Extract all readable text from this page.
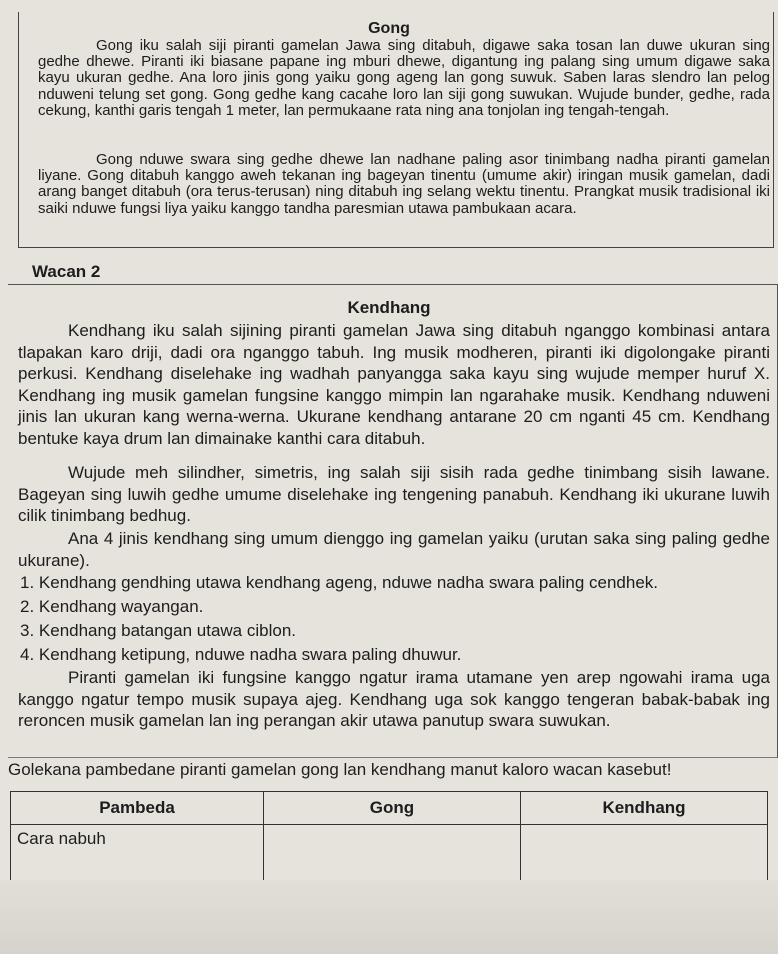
Gong

Gong iku salah siji piranti gamelan Jawa sing ditabuh, digawe saka tosan lan duwe ukuran sing gedhe dhewe. Piranti iki biasane papane ing mburi dhewe, digantung ing palang sing umum digawe saka kayu ukuran gedhe. Ana loro jinis gong yaiku gong ageng lan gong suwuk. Saben laras slendro lan pelog nduweni telung set gong. Gong gedhe kang cacahe loro lan siji gong suwukan. Wujude bunder, gedhe, rada cekung, kanthi garis tengah 1 meter, lan permukaane rata ning ana tonjolan ing tengah-tengah.

Gong nduwe swara sing gedhe dhewe lan nadhane paling asor tinimbang nadha piranti gamelan liyane. Gong ditabuh kanggo aweh tekanan ing bageyan tinentu (umume akir) iringan musik gamelan, dadi arang banget ditabuh (ora terus-terusan) ning ditabuh ing selang wektu tinentu. Prangkat musik tradisional iki saiki nduwe fungsi liya yaiku kanggo tandha paresmian utawa pambukaan acara.

Wacan 2
Kendhang

Kendhang iku salah sijining piranti gamelan Jawa sing ditabuh nganggo kombinasi antara tlapakan karo driji, dadi ora nganggo tabuh. Ing musik modheren, piranti iki digolongake piranti perkusi. Kendhang diselehake ing wadhah panyangga saka kayu sing wujude memper huruf X. Kendhang ing musik gamelan fungsine kanggo mimpin lan ngarahake musik. Kendhang nduweni jinis lan ukuran kang werna-werna. Ukurane kendhang antarane 20 cm nganti 45 cm. Kendhang bentuke kaya drum lan dimainake kanthi cara ditabuh.

Wujude meh silindher, simetris, ing salah siji sisih rada gedhe tinimbang sisih lawane. Bageyan sing luwih gedhe umume diselehake ing tengening panabuh. Kendhang iki ukurane luwih cilik tinimbang bedhug.

Ana 4 jinis kendhang sing umum dienggo ing gamelan yaiku (urutan saka sing paling gedhe ukurane).

1. Kendhang gendhing utawa kendhang ageng, nduwe nadha swara paling cendhek.
2. Kendhang wayangan.
3. Kendhang batangan utawa ciblon.
4. Kendhang ketipung, nduwe nadha swara paling dhuwur.

Piranti gamelan iki fungsine kanggo ngatur irama utamane yen arep ngowahi irama uga kanggo ngatur tempo musik supaya ajeg. Kendhang uga sok kanggo tengeran babak-babak ing reroncen musik gamelan lan ing perangan akir utawa panutup swara suwukan.

Golekana pambedane piranti gamelan gong lan kendhang manut kaloro wacan kasebut!
Pambeda	Gong	Kendhang
Cara nabuh		
